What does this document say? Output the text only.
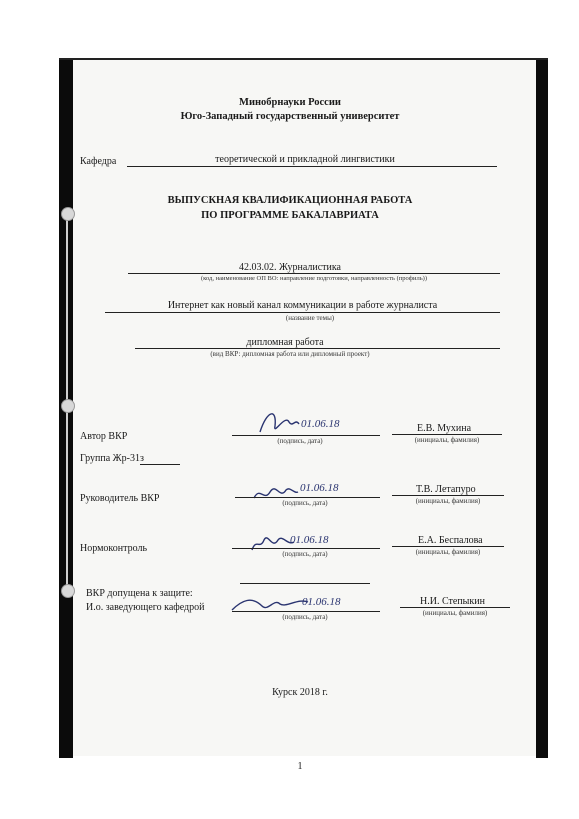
Минобрнауки России
Юго-Западный государственный университет
Кафедра	теоретической и прикладной лингвистики
ВЫПУСКНАЯ КВАЛИФИКАЦИОННАЯ РАБОТА
ПО ПРОГРАММЕ БАКАЛАВРИАТА
42.03.02. Журналистика
(код, наименование ОП ВО: направление подготовки, направленность (профиль))
Интернет как новый канал коммуникации в работе журналиста
(название темы)
дипломная работа
(вид ВКР: дипломная работа или дипломный проект)
Автор ВКР
01.06.18
(подпись, дата)
Е.В. Мухина
(инициалы, фамилия)
Группа Жр-31з
Руководитель ВКР
01.06.18
(подпись, дата)
Т.В. Летапуро
(инициалы, фамилия)
Нормоконтроль
01.06.18
(подпись, дата)
Е.А. Беспалова
(инициалы, фамилия)
ВКР допущена к защите:
И.о. заведующего кафедрой	01.06.18
(подпись, дата)
Н.И. Степыкин
(инициалы, фамилия)
Курск 2018 г.
1
